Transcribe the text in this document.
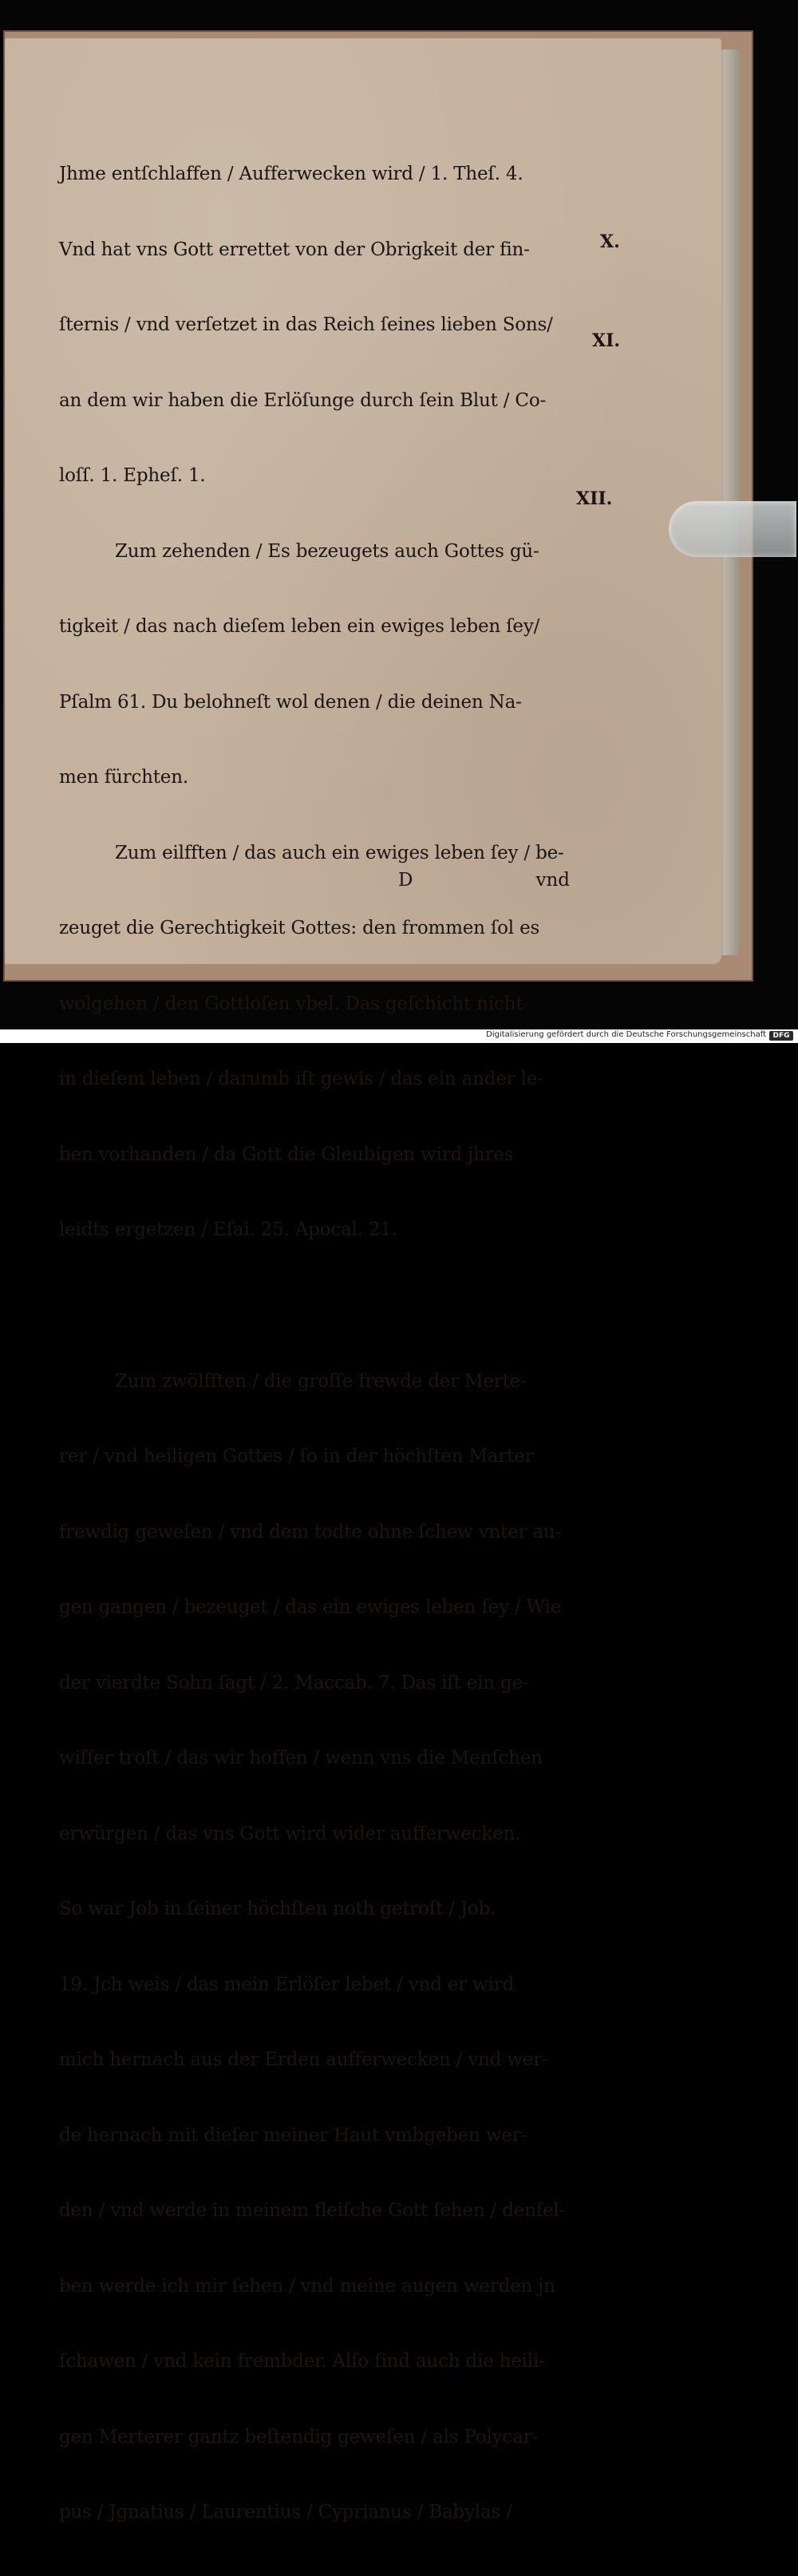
Jhme entſchlaffen / Aufferwecken wird / 1. Theſ. 4.

Vnd hat vns Gott errettet von der Obrigkeit der fin-

ſternis / vnd verſetzet in das Reich ſeines lieben Sons/

an dem wir haben die Erlöſunge durch ſein Blut / Co-

loſſ. 1. Epheſ. 1.

Zum zehenden / Es bezeugets auch Gottes gü-

tigkeit / das nach dieſem leben ein ewiges leben ſey/

Pſalm 61. Du belohneſt wol denen / die deinen Na-

men fürchten.

Zum eilfften / das auch ein ewiges leben ſey / be-

zeuget die Gerechtigkeit Gottes: den frommen ſol es

wolgehen / den Gottloſen vbel. Das geſchicht nicht

in dieſem leben / darumb iſt gewis / das ein ander le-

ben vorhanden / da Gott die Gleubigen wird jhres

leidts ergetzen / Eſai. 25. Apocal. 21.

Zum zwölfften / die groſſe frewde der Merte-

rer / vnd heiligen Gottes / ſo in der höchſten Marter

frewdig geweſen / vnd dem todte ohne ſchew vnter au-

gen gangen / bezeuget / das ein ewiges leben ſey / Wie

der vierdte Sohn ſagt / 2. Maccab. 7. Das iſt ein ge-

wiſſer troſt / das wir hoffen / wenn vns die Menſchen

erwürgen / das vns Gott wird wider aufferwecken.

So war Job in ſeiner höchſten noth getroſt / Job.

19. Jch weis / das mein Erlöſer lebet / vnd er wird

mich hernach aus der Erden aufferwecken / vnd wer-

de hernach mit dieſer meiner Haut vmbgeben wer-

den / vnd werde in meinem fleiſche Gott ſehen / denſel-

ben werde ich mir ſehen / vnd meine augen werden jn

ſchawen / vnd kein frembder. Alſo ſind auch die heili-

gen Merterer gantz beſtendig geweſen / als Polycar-

pus / Jgnatius / Laurentius / Cyprianus / Babylas /

D	vnd
X.
XI.
XII.
Digitalisierung gefördert durch die Deutsche Forschungsgemeinschaft DFG
